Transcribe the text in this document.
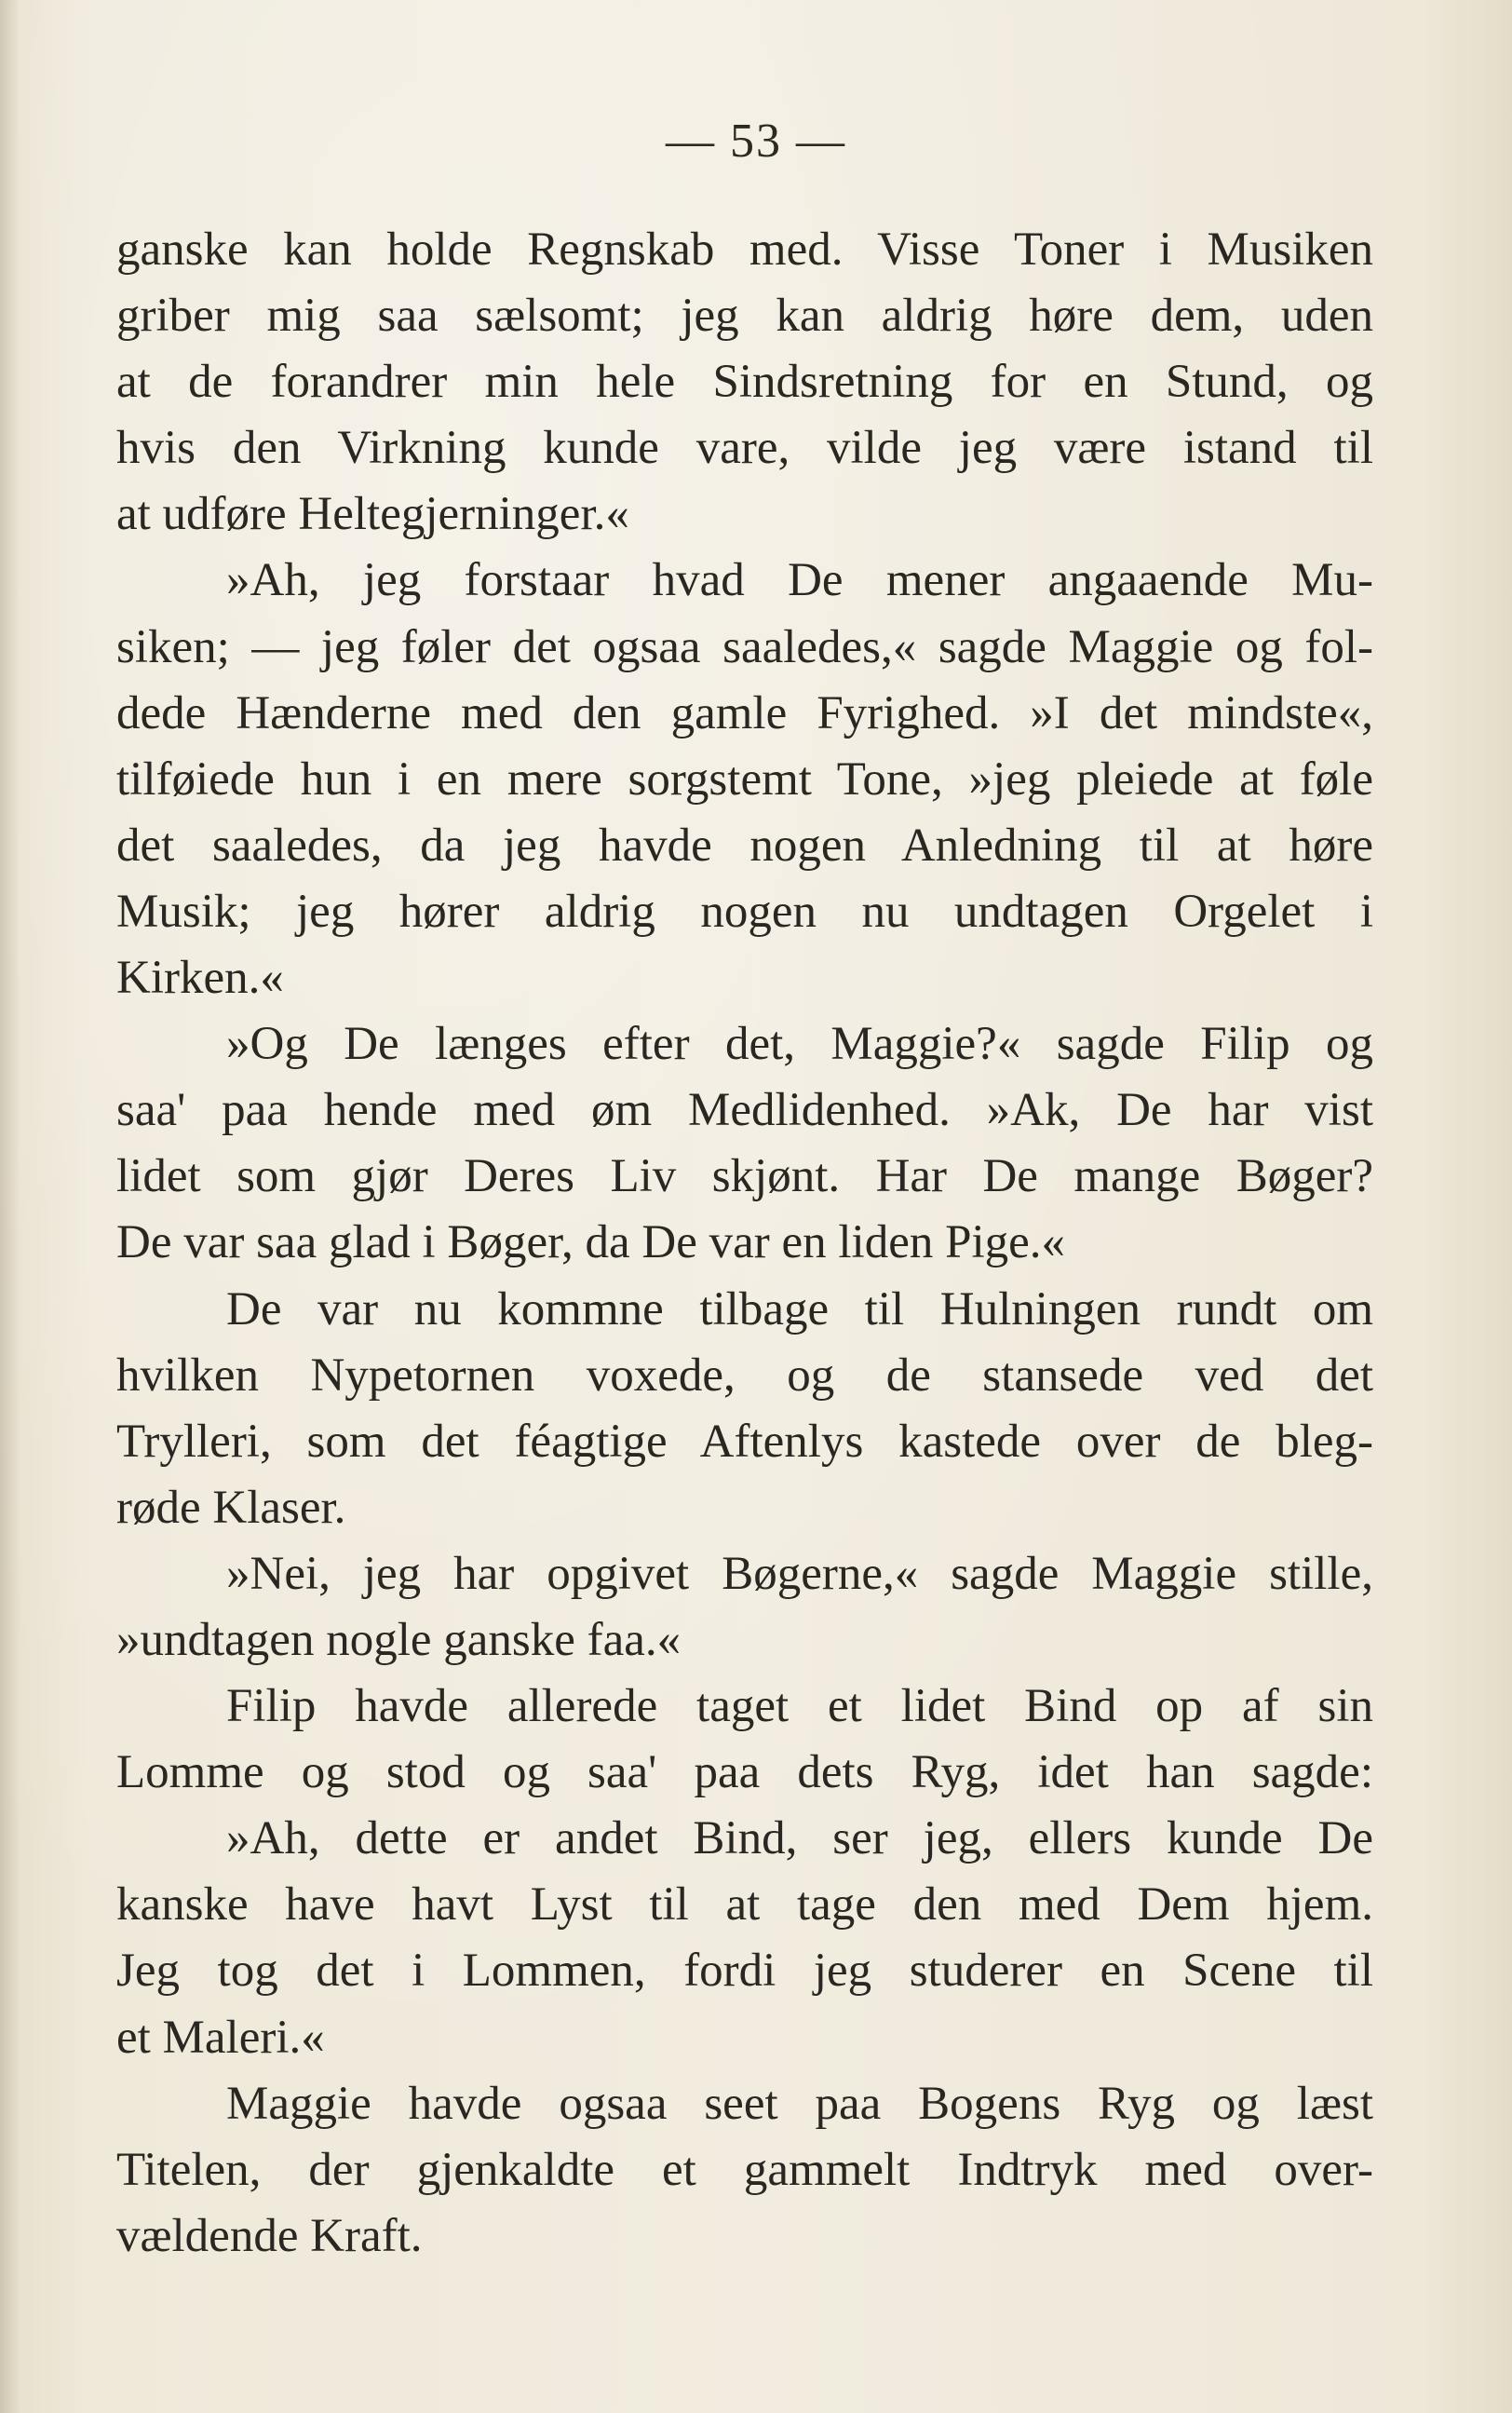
— 53 —
ganske kan holde Regnskab med. Visse Toner i Musiken
griber mig saa sælsomt; jeg kan aldrig høre dem, uden
at de forandrer min hele Sindsretning for en Stund, og
hvis den Virkning kunde vare, vilde jeg være istand til
at udføre Heltegjerninger.«
»Ah, jeg forstaar hvad De mener angaaende Mu-
siken; — jeg føler det ogsaa saaledes,« sagde Maggie og fol-
dede Hænderne med den gamle Fyrighed. »I det mindste«,
tilføiede hun i en mere sorgstemt Tone, »jeg pleiede at føle
det saaledes, da jeg havde nogen Anledning til at høre
Musik; jeg hører aldrig nogen nu undtagen Orgelet i
Kirken.«
»Og De længes efter det, Maggie?« sagde Filip og
saa' paa hende med øm Medlidenhed. »Ak, De har vist
lidet som gjør Deres Liv skjønt. Har De mange Bøger?
De var saa glad i Bøger, da De var en liden Pige.«
De var nu kommne tilbage til Hulningen rundt om
hvilken Nypetornen voxede, og de stansede ved det
Trylleri, som det féagtige Aftenlys kastede over de bleg-
røde Klaser.
»Nei, jeg har opgivet Bøgerne,« sagde Maggie stille,
»undtagen nogle ganske faa.«
Filip havde allerede taget et lidet Bind op af sin
Lomme og stod og saa' paa dets Ryg, idet han sagde:
»Ah, dette er andet Bind, ser jeg, ellers kunde De
kanske have havt Lyst til at tage den med Dem hjem.
Jeg tog det i Lommen, fordi jeg studerer en Scene til
et Maleri.«
Maggie havde ogsaa seet paa Bogens Ryg og læst
Titelen, der gjenkaldte et gammelt Indtryk med over-
vældende Kraft.
